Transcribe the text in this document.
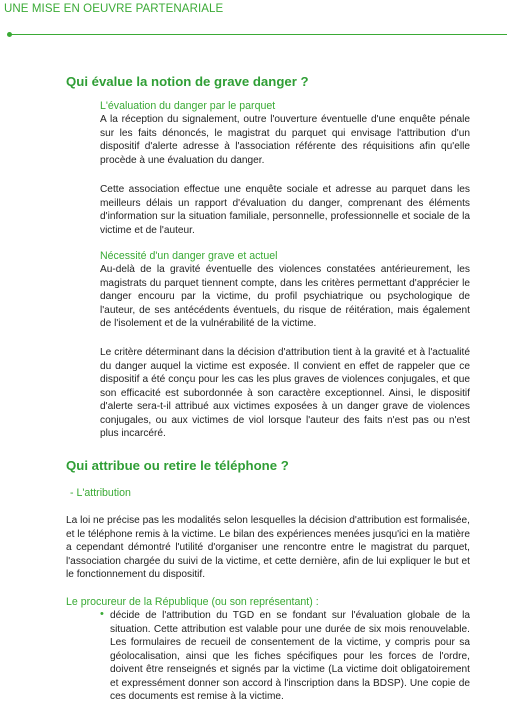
UNE MISE EN OEUVRE PARTENARIALE
Qui évalue la notion de grave danger ?
L'évaluation du danger par le parquet
A la réception du signalement, outre l'ouverture éventuelle d'une enquête pénale sur les faits dénoncés, le magistrat du parquet qui envisage l'attribution d'un dispositif d'alerte adresse à l'association référente des réquisitions afin qu'elle procède à une évaluation du danger.
Cette association effectue une enquête sociale et adresse au parquet dans les meilleurs délais un rapport d'évaluation du danger, comprenant des éléments d'information sur la situation familiale, personnelle, professionnelle et sociale de la victime et de l'auteur.
Nécessité d'un danger grave et actuel
Au-delà de la gravité éventuelle des violences constatées antérieurement, les magistrats du parquet tiennent compte, dans les critères permettant d'apprécier le danger encouru par la victime, du profil psychiatrique ou psychologique de l'auteur, de ses antécédents éventuels, du risque de réitération, mais également de l'isolement et de la vulnérabilité de la victime.
Le critère déterminant dans la décision d'attribution tient à la gravité et à l'actualité du danger auquel la victime est exposée. Il convient en effet de rappeler que ce dispositif a été conçu pour les cas les plus graves de violences conjugales, et que son efficacité est subordonnée à son caractère exceptionnel. Ainsi, le dispositif d'alerte sera-t-il attribué aux victimes exposées à un danger grave de violences conjugales, ou aux victimes de viol lorsque l'auteur des faits n'est pas ou n'est plus incarcéré.
Qui attribue ou retire le téléphone ?
- L'attribution
La loi ne précise pas les modalités selon lesquelles la décision d'attribution est formalisée, et le téléphone remis à la victime. Le bilan des expériences menées jusqu'ici en la matière a cependant démontré l'utilité d'organiser une rencontre entre le magistrat du parquet, l'association chargée du suivi de la victime, et cette dernière, afin de lui expliquer le but et le fonctionnement du dispositif.
Le procureur de la République (ou son représentant) :
• décide de l'attribution du TGD en se fondant sur l'évaluation globale de la situation. Cette attribution est valable pour une durée de six mois renouvelable. Les formulaires de recueil de consentement de la victime, y compris pour sa géolocalisation, ainsi que les fiches spécifiques pour les forces de l'ordre, doivent être renseignés et signés par la victime (La victime doit obligatoirement et expressément donner son accord à l'inscription dans la BDSP). Une copie de ces documents est remise à la victime.
